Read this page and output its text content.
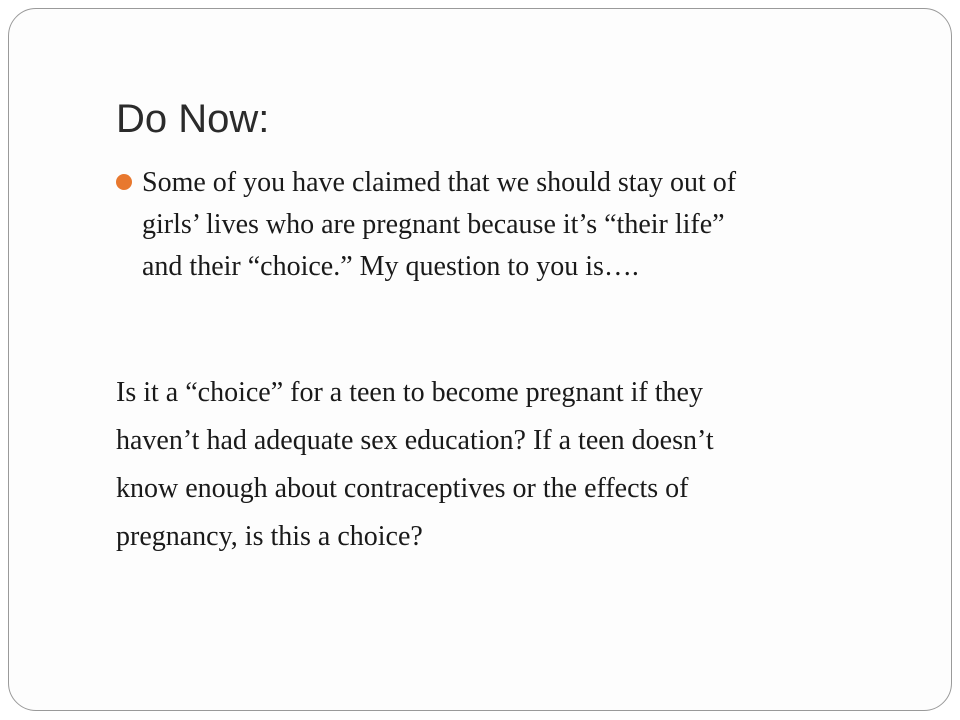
Do Now:
Some of you have claimed that we should stay out of
girls’ lives who are pregnant because it’s “their life”
and their “choice.” My question to you is….

Is it a “choice” for a teen to become pregnant if they
haven’t had adequate sex education? If a teen doesn’t
know enough about contraceptives or the effects of
pregnancy, is this a choice?
